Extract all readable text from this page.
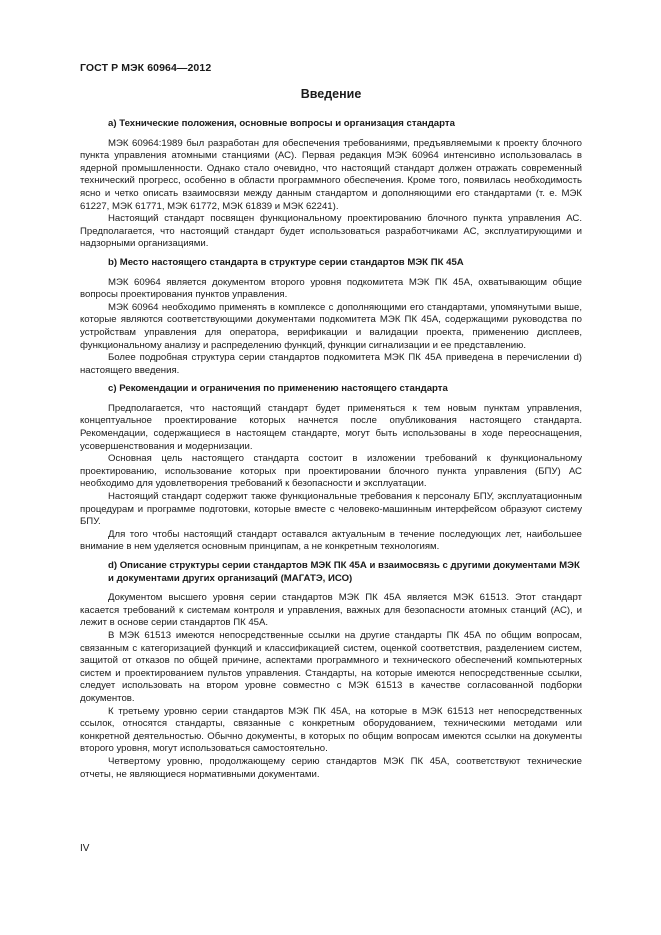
ГОСТ Р МЭК 60964—2012
Введение

а) Технические положения, основные вопросы и организация стандарта

МЭК 60964:1989 был разработан для обеспечения требованиями, предъявляемыми к проекту блочного пункта управления атомными станциями (АС). Первая редакция МЭК 60964 интенсивно использовалась в ядерной промышленности. Однако стало очевидно, что настоящий стандарт должен отражать современный технический прогресс, особенно в области программного обеспечения. Кроме того, появилась необходимость ясно и четко описать взаимосвязи между данным стандартом и дополняющими его стандартами (т. е. МЭК 61227, МЭК 61771, МЭК 61772, МЭК 61839 и МЭК 62241).

Настоящий стандарт посвящен функциональному проектированию блочного пункта управления АС. Предполагается, что настоящий стандарт будет использоваться разработчиками АС, эксплуатирующими и надзорными организациями.

b) Место настоящего стандарта в структуре серии стандартов МЭК ПК 45А

МЭК 60964 является документом второго уровня подкомитета МЭК ПК 45А, охватывающим общие вопросы проектирования пунктов управления.

МЭК 60964 необходимо применять в комплексе с дополняющими его стандартами, упомянутыми выше, которые являются соответствующими документами подкомитета МЭК ПК 45А, содержащими руководства по устройствам управления для оператора, верификации и валидации проекта, применению дисплеев, функциональному анализу и распределению функций, функции сигнализации и ее представлению.

Более подробная структура серии стандартов подкомитета МЭК ПК 45А приведена в перечислении d) настоящего введения.

с) Рекомендации и ограничения по применению настоящего стандарта

Предполагается, что настоящий стандарт будет применяться к тем новым пунктам управления, концептуальное проектирование которых начнется после опубликования настоящего стандарта. Рекомендации, содержащиеся в настоящем стандарте, могут быть использованы в ходе переоснащения, усовершенствования и модернизации.

Основная цель настоящего стандарта состоит в изложении требований к функциональному проектированию, использование которых при проектировании блочного пункта управления (БПУ) АС необходимо для удовлетворения требований к безопасности и эксплуатации.

Настоящий стандарт содержит также функциональные требования к персоналу БПУ, эксплуатационным процедурам и программе подготовки, которые вместе с человеко-машинным интерфейсом образуют систему БПУ.

Для того чтобы настоящий стандарт оставался актуальным в течение последующих лет, наибольшее внимание в нем уделяется основным принципам, а не конкретным технологиям.

d) Описание структуры серии стандартов МЭК ПК 45А и взаимосвязь с другими документами МЭК и документами других организаций (МАГАТЭ, ИСО)

Документом высшего уровня серии стандартов МЭК ПК 45А является МЭК 61513. Этот стандарт касается требований к системам контроля и управления, важных для безопасности атомных станций (АС), и лежит в основе серии стандартов ПК 45А.

В МЭК 61513 имеются непосредственные ссылки на другие стандарты ПК 45А по общим вопросам, связанным с категоризацией функций и классификацией систем, оценкой соответствия, разделением систем, защитой от отказов по общей причине, аспектами программного и технического обеспечений компьютерных систем и проектированием пультов управления. Стандарты, на которые имеются непосредственные ссылки, следует использовать на втором уровне совместно с МЭК 61513 в качестве согласованной подборки документов.

К третьему уровню серии стандартов МЭК ПК 45А, на которые в МЭК 61513 нет непосредственных ссылок, относятся стандарты, связанные с конкретным оборудованием, техническими методами или конкретной деятельностью. Обычно документы, в которых по общим вопросам имеются ссылки на документы второго уровня, могут использоваться самостоятельно.

Четвертому уровню, продолжающему серию стандартов МЭК ПК 45А, соответствуют технические отчеты, не являющиеся нормативными документами.

IV
